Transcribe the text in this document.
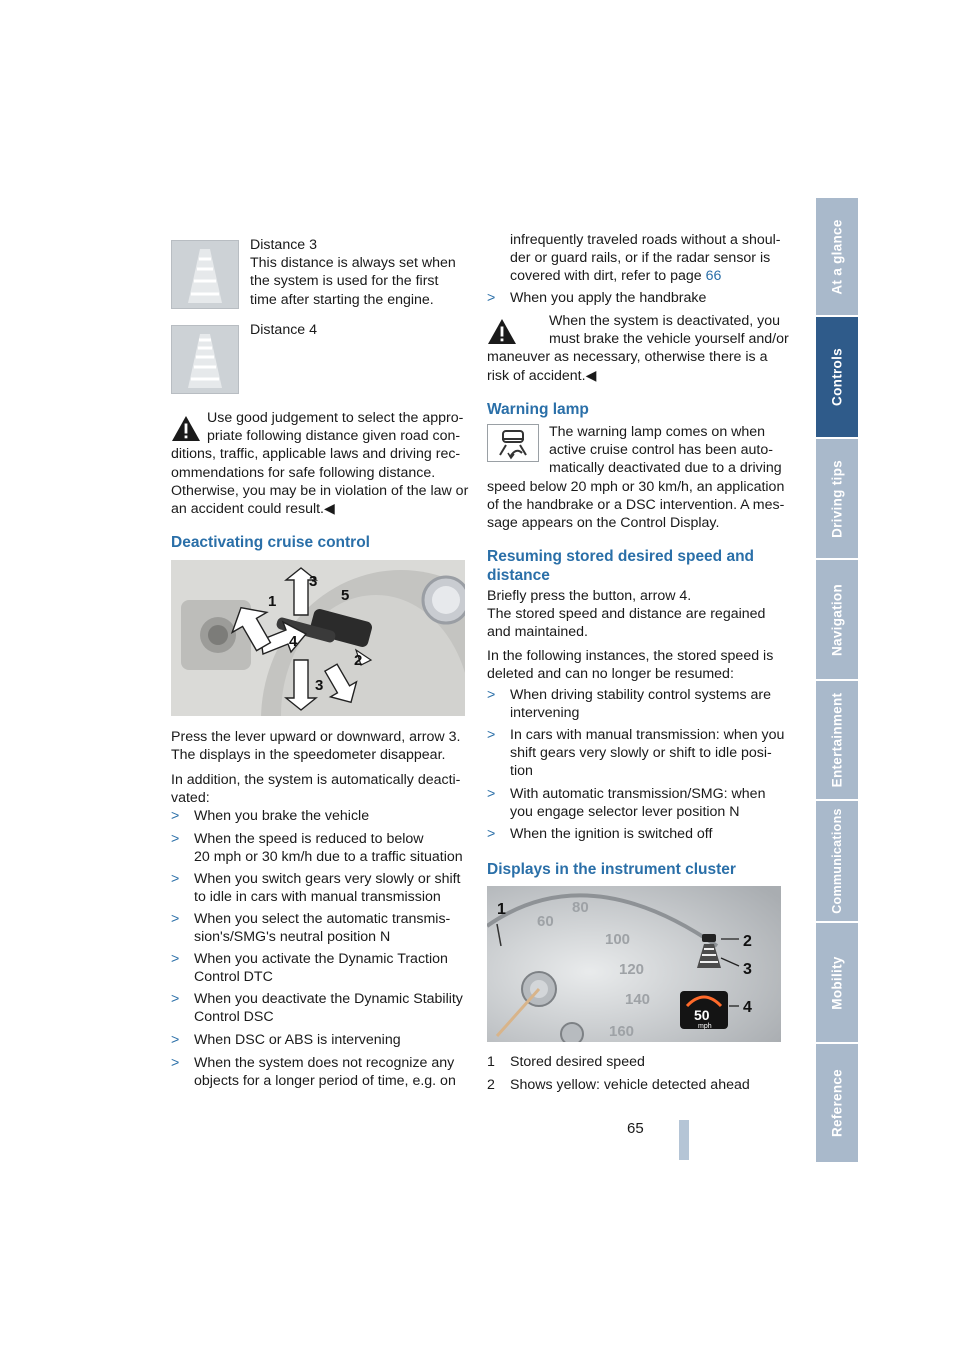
Distance 3
This distance is always set when
the system is used for the first
time after starting the engine.
Distance 4
Use good judgement to select the appro-
priate following distance given road con-
ditions, traffic, applicable laws and driving rec-
ommendations for safe following distance.
Otherwise, you may be in violation of the law or
an accident could result.◀
Deactivating cruise control
1
2
3
3
4
5
Press the lever upward or downward, arrow 3.
The displays in the speedometer disappear.
In addition, the system is automatically deacti-
vated:
> When you brake the vehicle
> When the speed is reduced to below
20 mph or 30 km/h due to a traffic situation
> When you switch gears very slowly or shift
to idle in cars with manual transmission
> When you select the automatic transmis-
sion's/SMG's neutral position N
> When you activate the Dynamic Traction
Control DTC
> When you deactivate the Dynamic Stability
Control DSC
> When DSC or ABS is intervening
> When the system does not recognize any
objects for a longer period of time, e.g. on
infrequently traveled roads without a shoul-
der or guard rails, or if the radar sensor is
covered with dirt, refer to page 66
> When you apply the handbrake
When the system is deactivated, you
must brake the vehicle yourself and/or
maneuver as necessary, otherwise there is a
risk of accident.◀
Warning lamp
The warning lamp comes on when
active cruise control has been auto-
matically deactivated due to a driving
speed below 20 mph or 30 km/h, an application
of the handbrake or a DSC intervention. A mes-
sage appears on the Control Display.
Resuming stored desired speed and
distance
Briefly press the button, arrow 4.
The stored speed and distance are regained
and maintained.
In the following instances, the stored speed is
deleted and can no longer be resumed:
> When driving stability control systems are
intervening
> In cars with manual transmission: when you
shift gears very slowly or shift to idle posi-
tion
> With automatic transmission/SMG: when
you engage selector lever position N
> When the ignition is switched off
Displays in the instrument cluster
60
80
100
120
140
160
50
mph
1
2
3
4
1 Stored desired speed
2 Shows yellow: vehicle detected ahead
65
At a glance
Controls
Driving tips
Navigation
Entertainment
Communications
Mobility
Reference
